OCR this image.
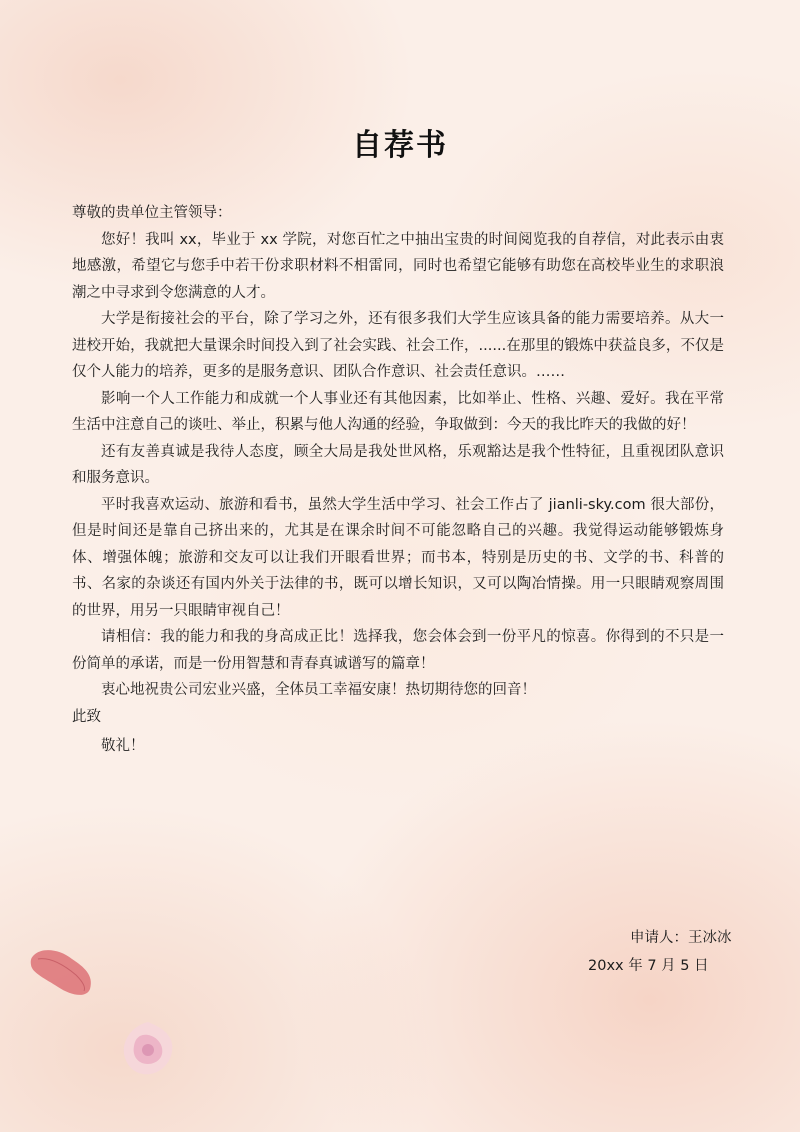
自荐书

尊敬的贵单位主管领导：

您好！我叫 xx，毕业于 xx 学院，对您百忙之中抽出宝贵的时间阅览我的自荐信，对此表示由衷地感激，希望它与您手中若干份求职材料不相雷同，同时也希望它能够有助您在高校毕业生的求职浪潮之中寻求到令您满意的人才。

大学是衔接社会的平台，除了学习之外，还有很多我们大学生应该具备的能力需要培养。从大一进校开始，我就把大量课余时间投入到了社会实践、社会工作，......在那里的锻炼中获益良多，不仅是仅个人能力的培养，更多的是服务意识、团队合作意识、社会责任意识。……

影响一个人工作能力和成就一个人事业还有其他因素，比如举止、性格、兴趣、爱好。我在平常生活中注意自己的谈吐、举止，积累与他人沟通的经验，争取做到：今天的我比昨天的我做的好！

还有友善真诚是我待人态度，顾全大局是我处世风格，乐观豁达是我个性特征，且重视团队意识和服务意识。

平时我喜欢运动、旅游和看书，虽然大学生活中学习、社会工作占了 jianli-sky.com 很大部份，但是时间还是靠自己挤出来的，尤其是在课余时间不可能忽略自己的兴趣。我觉得运动能够锻炼身体、增强体魄；旅游和交友可以让我们开眼看世界；而书本，特别是历史的书、文学的书、科普的书、名家的杂谈还有国内外关于法律的书，既可以增长知识，又可以陶冶情操。用一只眼睛观察周围的世界，用另一只眼睛审视自己！

请相信：我的能力和我的身高成正比！选择我，您会体会到一份平凡的惊喜。你得到的不只是一份简单的承诺，而是一份用智慧和青春真诚谱写的篇章！

衷心地祝贵公司宏业兴盛，全体员工幸福安康！热切期待您的回音！

此致

敬礼！

申请人：王冰冰
20xx 年 7 月 5 日
